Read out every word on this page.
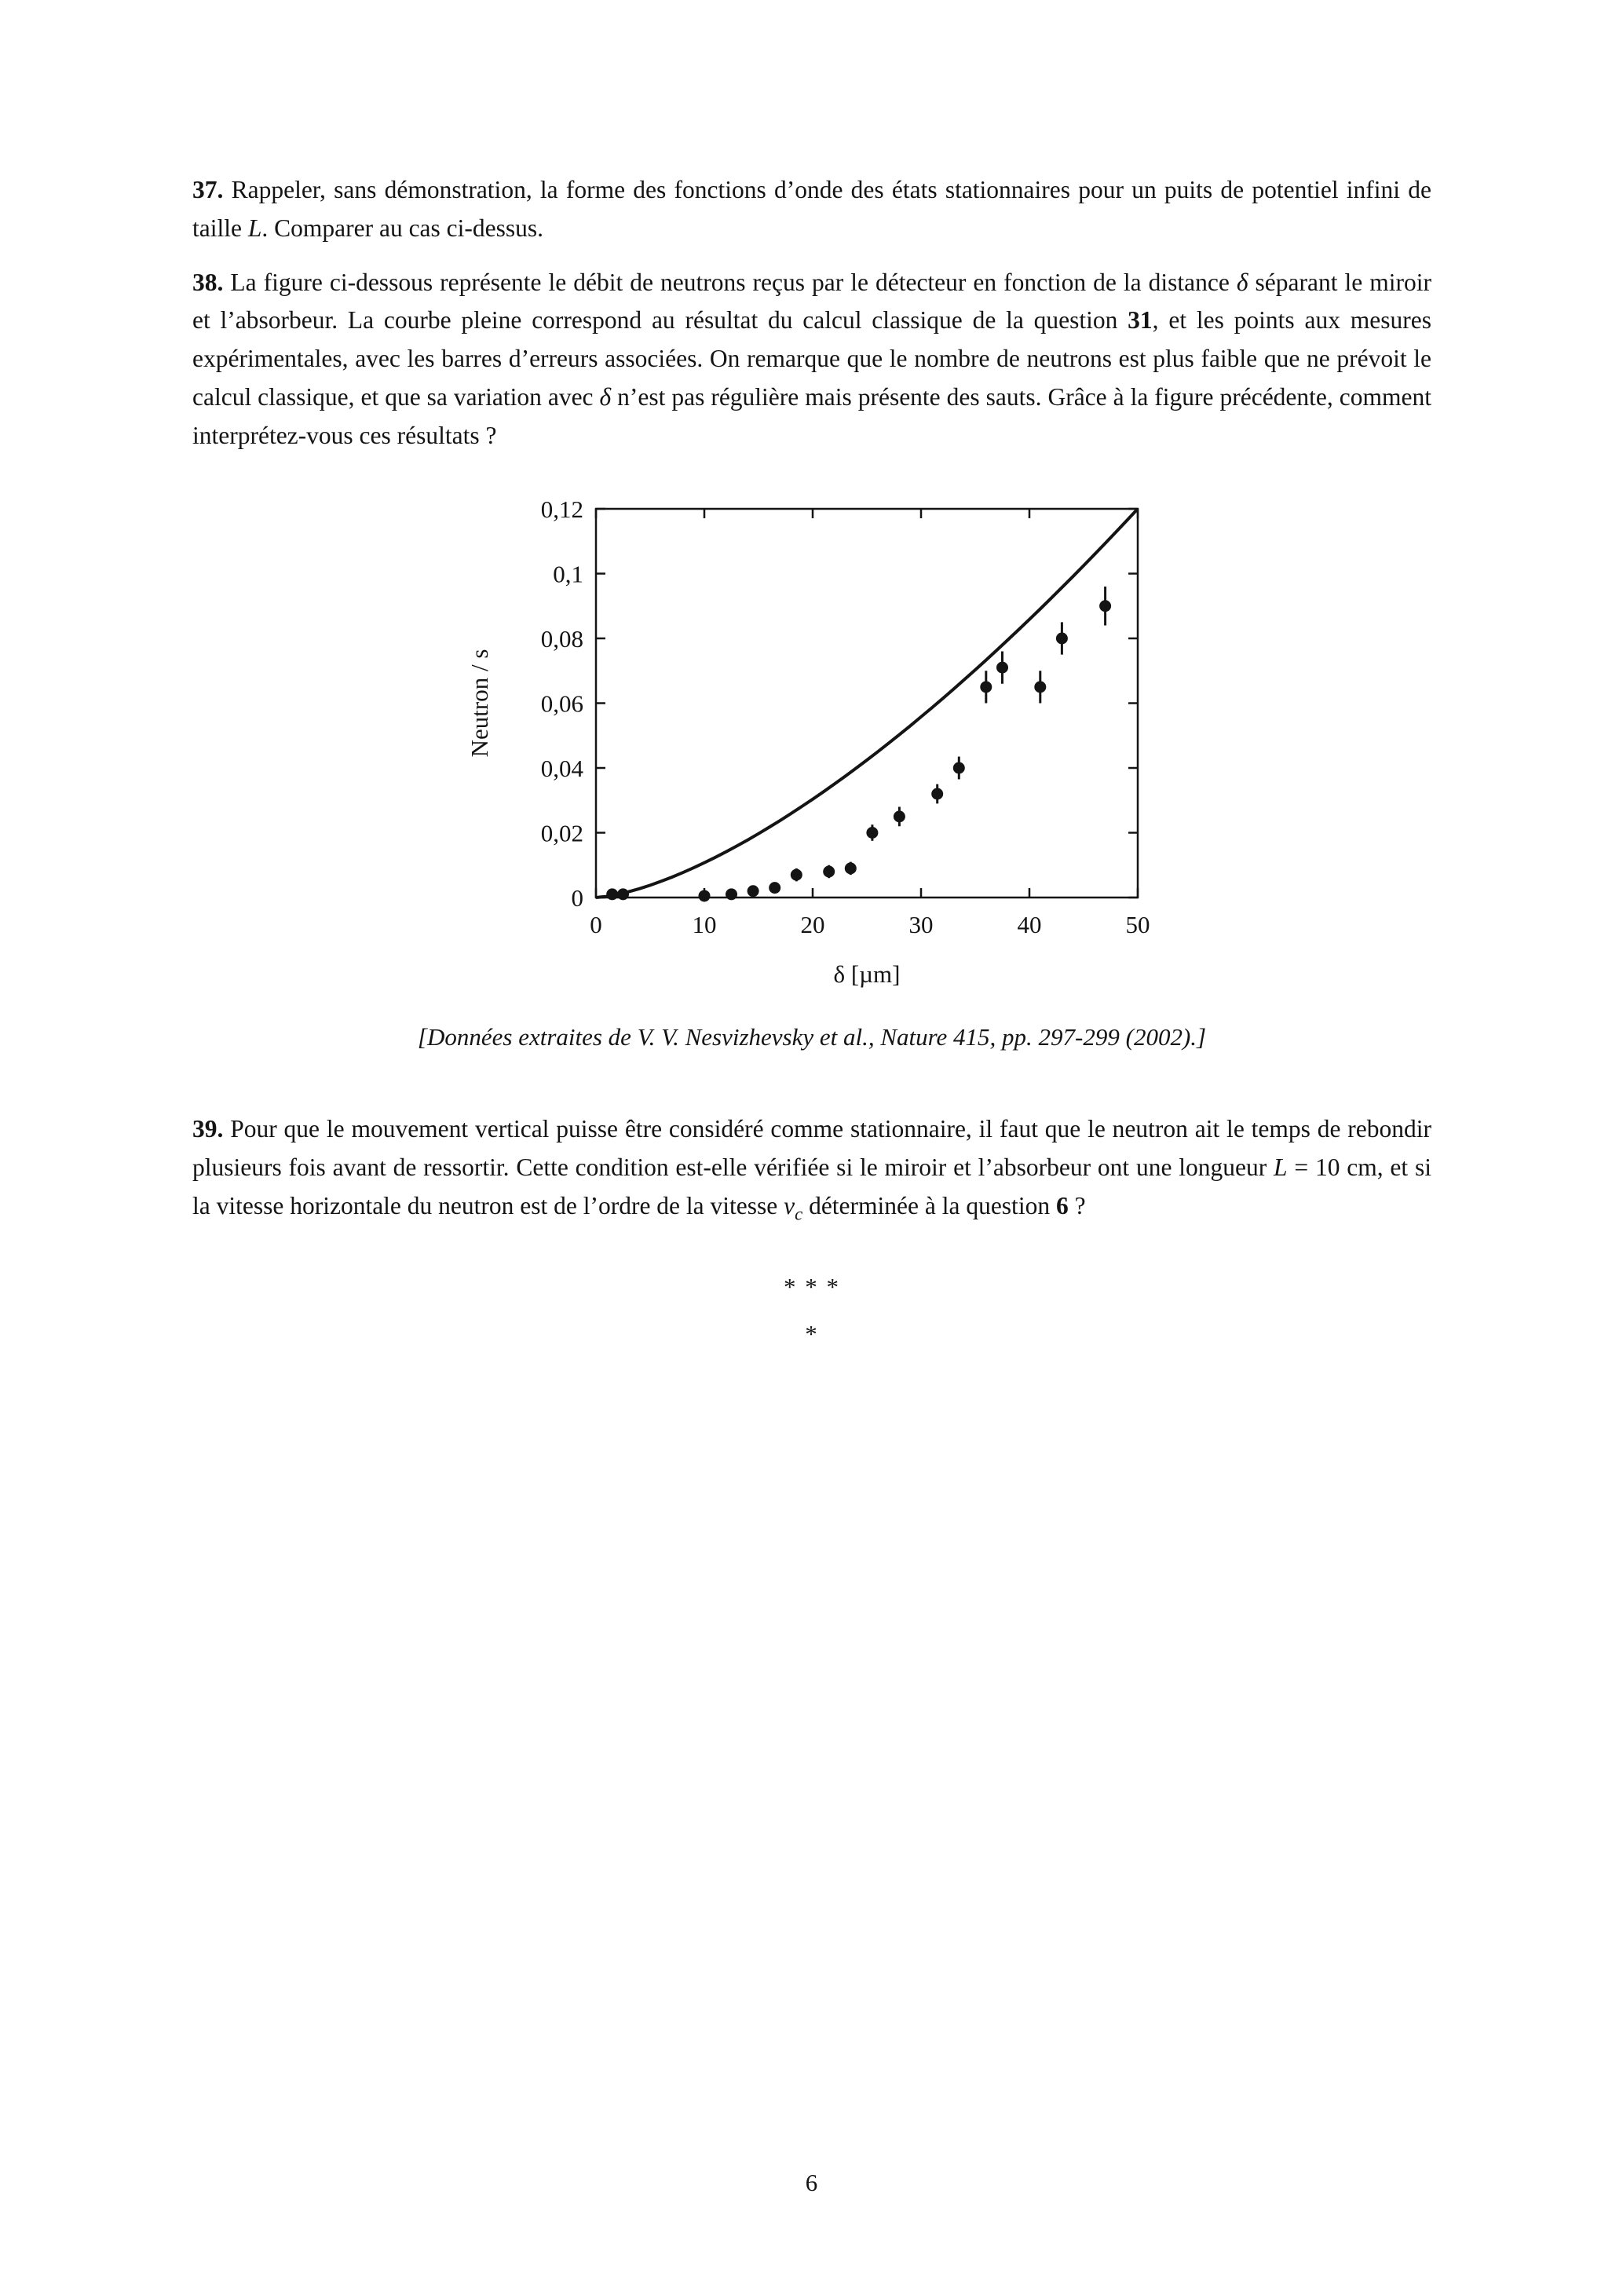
37. Rappeler, sans démonstration, la forme des fonctions d’onde des états stationnaires pour un puits de potentiel infini de taille L. Comparer au cas ci-dessus.

38. La figure ci-dessous représente le débit de neutrons reçus par le détecteur en fonction de la distance δ séparant le miroir et l’absorbeur. La courbe pleine correspond au résultat du calcul classique de la question 31, et les points aux mesures expérimentales, avec les barres d’erreurs associées. On remarque que le nombre de neutrons est plus faible que ne prévoit le calcul classique, et que sa variation avec δ n’est pas régulière mais présente des sauts. Grâce à la figure précédente, comment interprétez-vous ces résultats ?

0	10	20	30	40	50
0
0,02
0,04
0,06
0,08
0,1
0,12
δ [µm]
Neutron / s
[Données extraites de V. V. Nesvizhevsky et al., Nature 415, pp. 297-299 (2002).]

39. Pour que le mouvement vertical puisse être considéré comme stationnaire, il faut que le neutron ait le temps de rebondir plusieurs fois avant de ressortir. Cette condition est-elle vérifiée si le miroir et l’absorbeur ont une longueur L = 10 cm, et si la vitesse horizontale du neutron est de l’ordre de la vitesse $v_c$ déterminée à la question 6 ?

* * *
*
6
